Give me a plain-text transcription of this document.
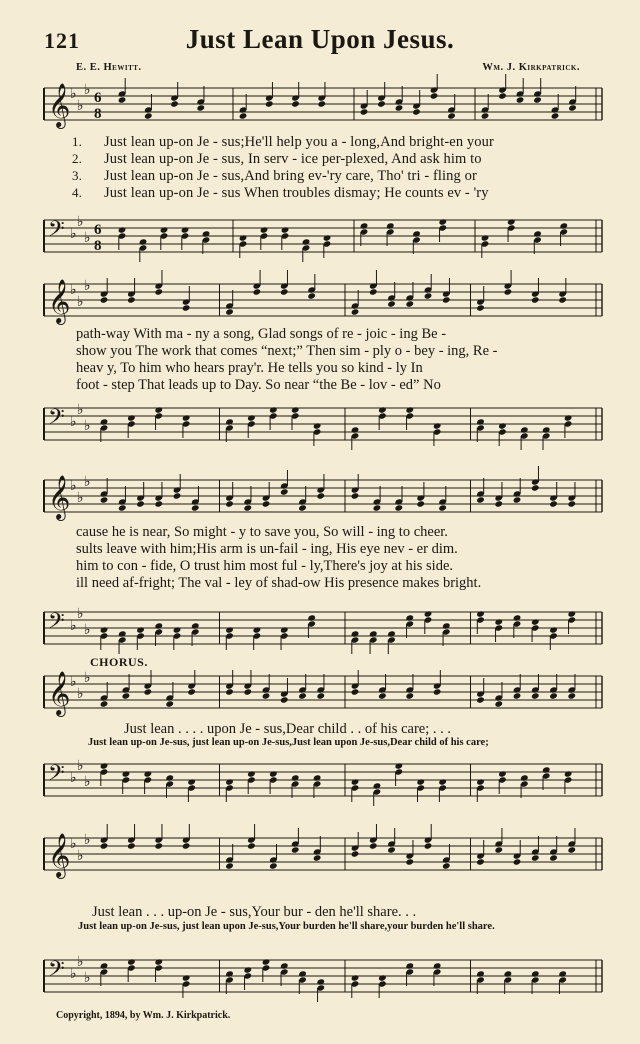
121	Just Lean Upon Jesus.
E. E. Hewitt.	Wm. J. Kirkpatrick.
𝄞 ♭
♭
♭ 6
8
𝄢 ♭
♭
♭ 6
8
1. Just lean up-on Je - sus;He'll help you a - long,And bright-en your
2. Just lean up-on Je - sus, In serv - ice per-plexed, And ask him to
3. Just lean up-on Je - sus,And bring ev-'ry care, Tho' tri - fling or
4. Just lean up-on Je - sus When troubles dismay; He counts ev - 'ry
𝄞 ♭
♭
♭
𝄢 ♭
♭
♭
path-way With ma - ny a song, Glad songs of re - joic - ing Be -
show you The work that comes “next;” Then sim - ply o - bey - ing, Re -
heav y, To him who hears pray'r. He tells you so kind - ly In
foot - step That leads up to Day. So near “the Be - lov - ed” No
𝄞 ♭
♭
♭
𝄢 ♭
♭
♭
cause he is near, So might - y to save you, So will - ing to cheer.
sults leave with him;His arm is un-fail - ing, His eye nev - er dim.
him to con - fide, O trust him most ful - ly,There's joy at his side.
ill need af-fright; The val - ley of shad-ow His presence makes bright.
CHORUS.
𝄞 ♭
♭
♭
Just lean . . . . upon Je - sus,Dear child . . of his care; . . .
Just lean up-on Je-sus, just lean up-on Je-sus,Just lean upon Je-sus,Dear child of his care;
𝄢 ♭
♭
♭
𝄞 ♭
♭
♭
Just lean . . . up-on Je - sus,Your bur - den he'll share. . .
Just lean up-on Je-sus, just lean upon Je-sus,Your burden he'll share,your burden he'll share.
𝄢 ♭
♭
♭
Copyright, 1894, by Wm. J. Kirkpatrick.
